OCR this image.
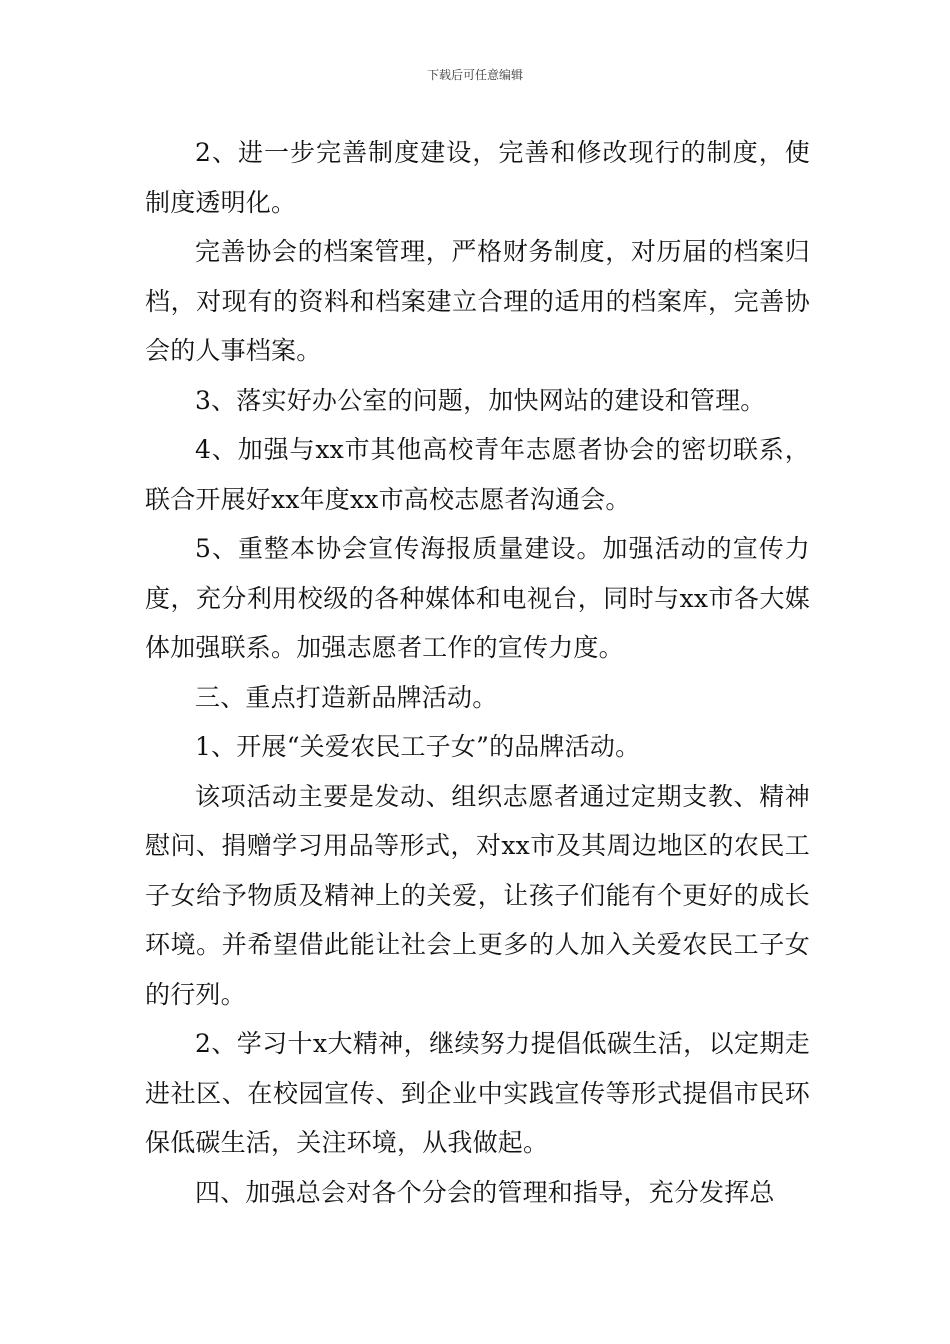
下载后可任意编辑

2、进一步完善制度建设，完善和修改现行的制度，使制度透明化。

完善协会的档案管理，严格财务制度，对历届的档案归档，对现有的资料和档案建立合理的适用的档案库，完善协会的人事档案。

3、落实好办公室的问题，加快网站的建设和管理。

4、加强与xx市其他高校青年志愿者协会的密切联系，联合开展好xx年度xx市高校志愿者沟通会。

5、重整本协会宣传海报质量建设。加强活动的宣传力度，充分利用校级的各种媒体和电视台，同时与xx市各大媒体加强联系。加强志愿者工作的宣传力度。

三、重点打造新品牌活动。

1、开展“关爱农民工子女”的品牌活动。

该项活动主要是发动、组织志愿者通过定期支教、精神慰问、捐赠学习用品等形式，对xx市及其周边地区的农民工子女给予物质及精神上的关爱，让孩子们能有个更好的成长环境。并希望借此能让社会上更多的人加入关爱农民工子女的行列。

2、学习十x大精神，继续努力提倡低碳生活，以定期走进社区、在校园宣传、到企业中实践宣传等形式提倡市民环保低碳生活，关注环境，从我做起。

四、加强总会对各个分会的管理和指导，充分发挥总
